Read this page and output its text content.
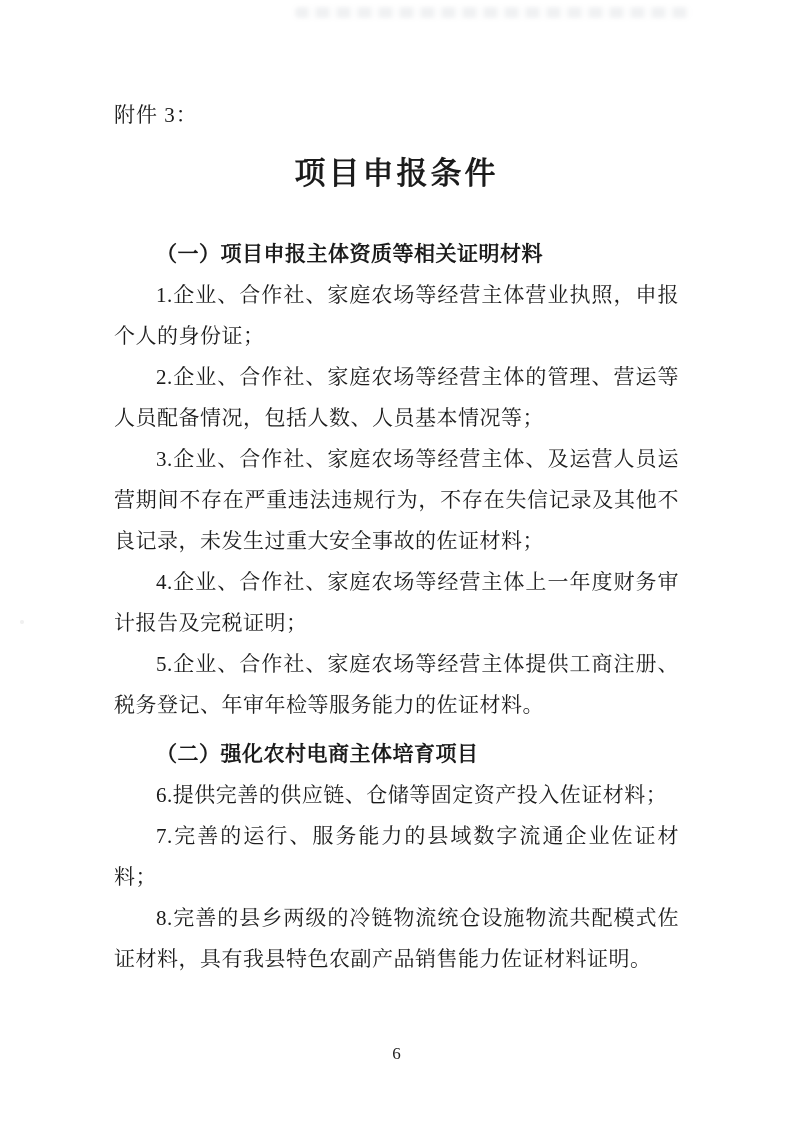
附件 3：
项目申报条件
（一）项目申报主体资质等相关证明材料

1.企业、合作社、家庭农场等经营主体营业执照，申报个人的身份证；

2.企业、合作社、家庭农场等经营主体的管理、营运等人员配备情况，包括人数、人员基本情况等；

3.企业、合作社、家庭农场等经营主体、及运营人员运营期间不存在严重违法违规行为，不存在失信记录及其他不良记录，未发生过重大安全事故的佐证材料；

4.企业、合作社、家庭农场等经营主体上一年度财务审计报告及完税证明；

5.企业、合作社、家庭农场等经营主体提供工商注册、税务登记、年审年检等服务能力的佐证材料。

（二）强化农村电商主体培育项目

6.提供完善的供应链、仓储等固定资产投入佐证材料；

7.完善的运行、服务能力的县域数字流通企业佐证材料；

8.完善的县乡两级的冷链物流统仓设施物流共配模式佐证材料，具有我县特色农副产品销售能力佐证材料证明。

6
